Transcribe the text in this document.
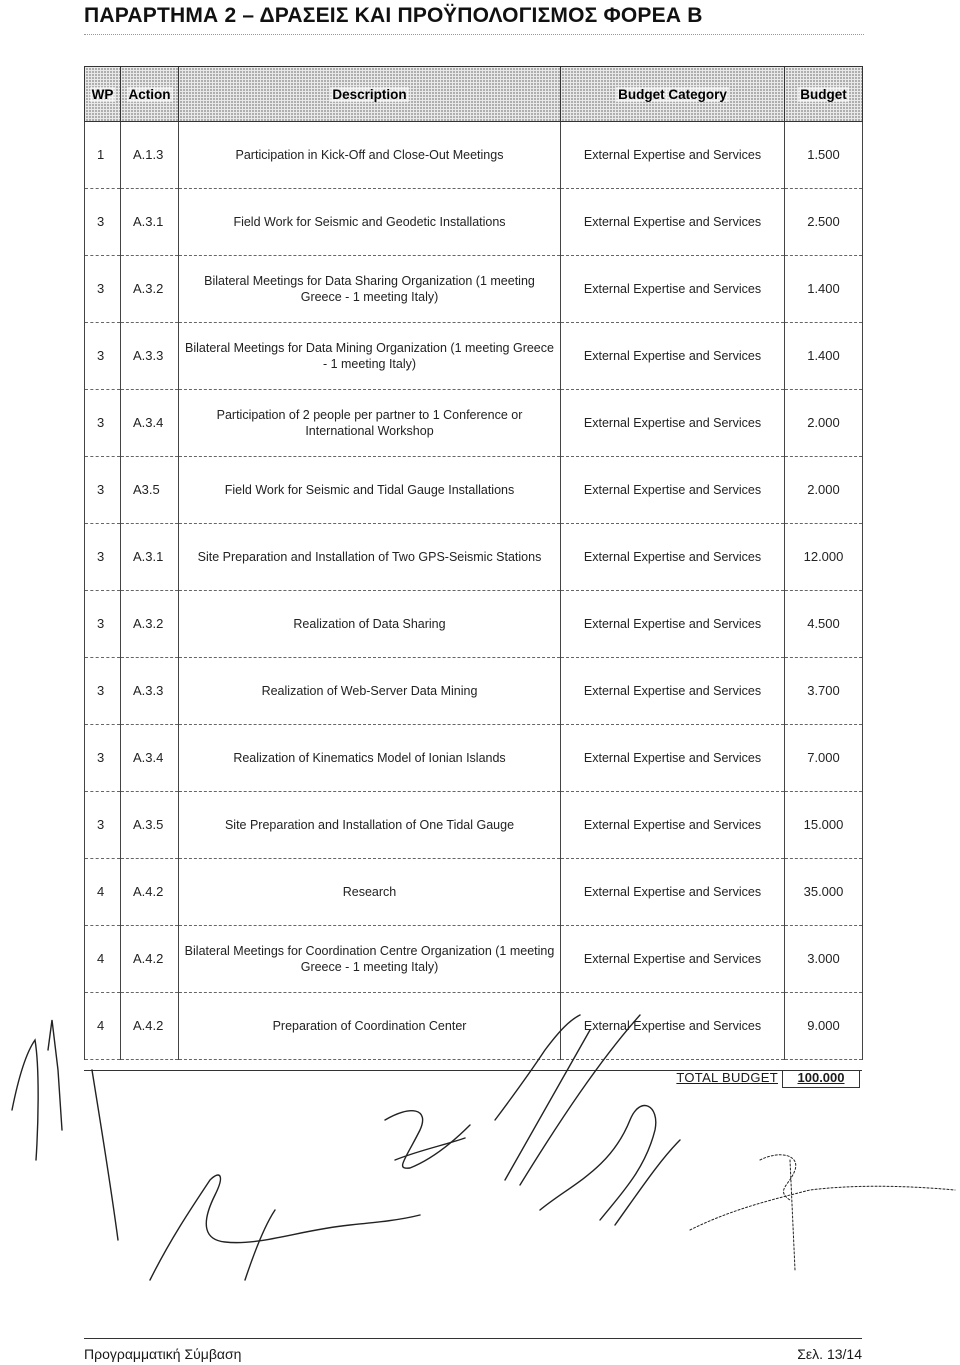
ΠΑΡΑΡΤΗΜΑ 2 – ΔΡΑΣΕΙΣ ΚΑΙ ΠΡΟΫΠΟΛΟΓΙΣΜΟΣ ΦΟΡΕΑ Β
WP	Action	Description	Budget Category	Budget
1	A.1.3	Participation in Kick-Off and Close-Out Meetings	External Expertise and Services	1.500
3	A.3.1	Field Work for Seismic and Geodetic Installations	External Expertise and Services	2.500
3	A.3.2	Bilateral Meetings for Data Sharing Organization (1 meeting Greece - 1 meeting Italy)	External Expertise and Services	1.400
3	A.3.3	Bilateral Meetings for Data Mining Organization (1 meeting Greece - 1 meeting Italy)	External Expertise and Services	1.400
3	A.3.4	Participation of 2 people per partner to 1 Conference or International Workshop	External Expertise and Services	2.000
3	A3.5	Field Work for Seismic and Tidal Gauge Installations	External Expertise and Services	2.000
3	A.3.1	Site Preparation and Installation of Two GPS-Seismic Stations	External Expertise and Services	12.000
3	A.3.2	Realization of Data Sharing	External Expertise and Services	4.500
3	A.3.3	Realization of Web-Server Data Mining	External Expertise and Services	3.700
3	A.3.4	Realization of Kinematics Model of Ionian Islands	External Expertise and Services	7.000
3	A.3.5	Site Preparation and Installation of One Tidal Gauge	External Expertise and Services	15.000
4	A.4.2	Research	External Expertise and Services	35.000
4	A.4.2	Bilateral Meetings for Coordination Centre Organization (1 meeting Greece - 1 meeting Italy)	External Expertise and Services	3.000
4	A.4.2	Preparation of Coordination Center	External Expertise and Services	9.000
TOTAL BUDGET	100.000
Προγραμματική Σύμβαση	Σελ. 13/14
